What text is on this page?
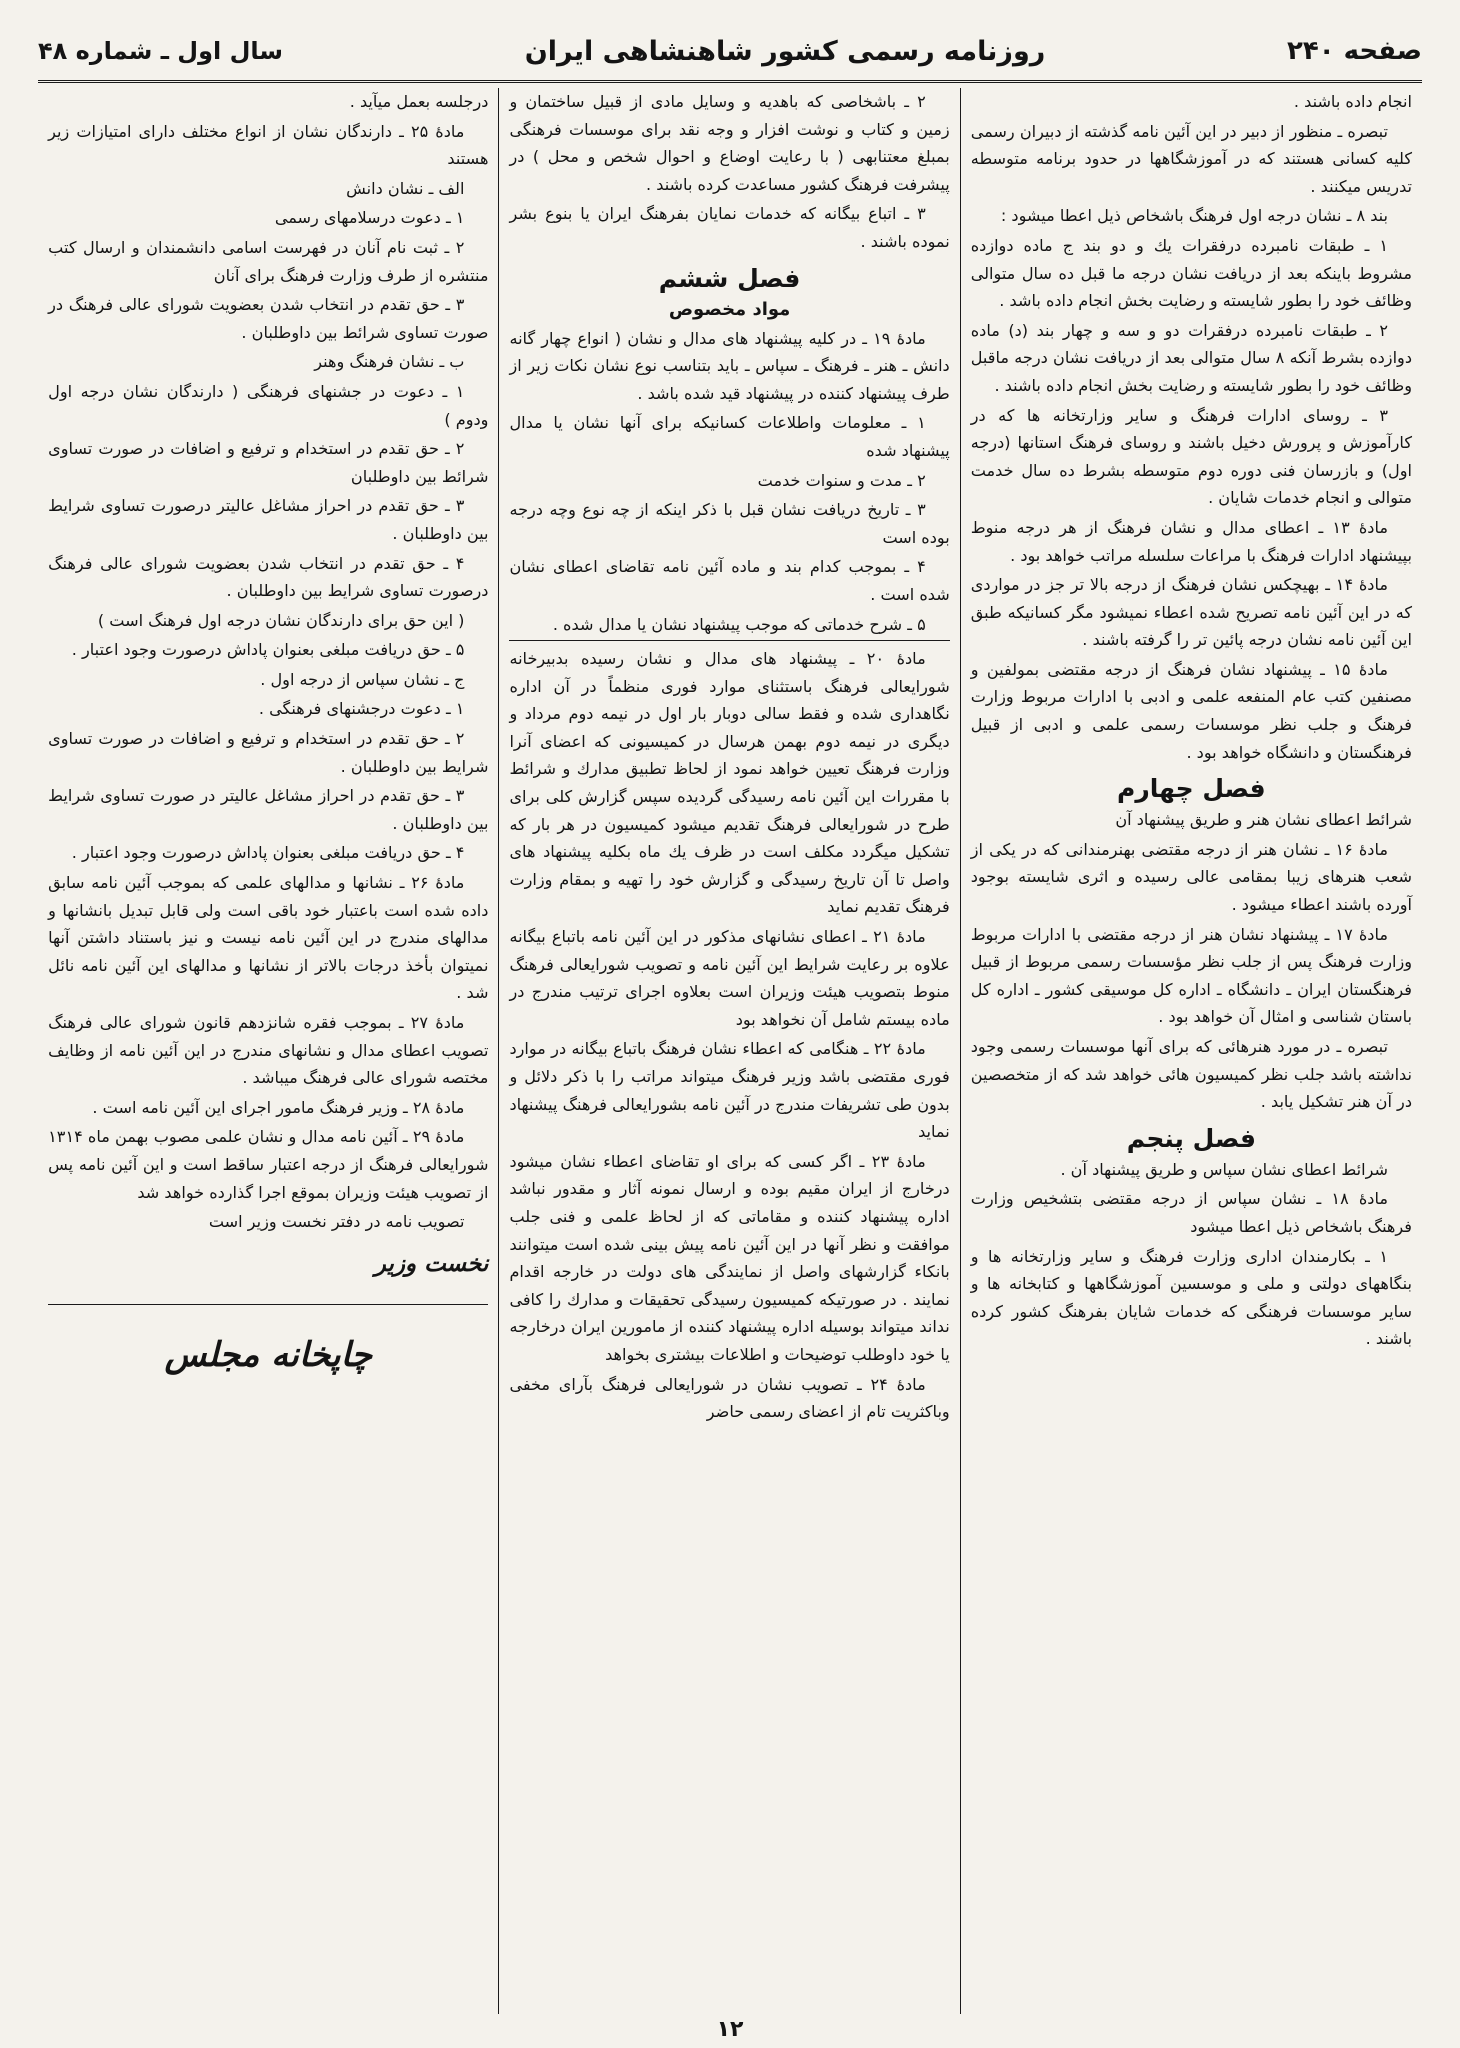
صفحه ۲۴۰
روزنامه رسمی کشور شاهنشاهی ایران
سال اول ـ شماره ۴۸

انجام داده باشند .

تبصره ـ منظور از دبیر در این آئین نامه گذشته از دبیران رسمی کلیه کسانی هستند که در آموزشگاهها در حدود برنامه متوسطه تدریس میکنند .

بند ۸ ـ نشان درجه اول فرهنگ باشخاص ذیل اعطا میشود :

۱ ـ طبقات نامبرده درفقرات یك و دو بند ج ماده دوازده مشروط باینکه بعد از دریافت نشان درجه ما قبل ده سال متوالی وظائف خود را بطور شایسته و رضایت بخش انجام داده باشد .

۲ ـ طبقات نامبرده درفقرات دو و سه و چهار بند (د) ماده دوازده بشرط آنکه ۸ سال متوالی بعد از دریافت نشان درجه ماقبل وظائف خود را بطور شایسته و رضایت بخش انجام داده باشند .

۳ ـ روسای ادارات فرهنگ و سایر وزارتخانه ها که در کارآموزش و پرورش دخیل باشند و روسای فرهنگ استانها (درجه اول) و بازرسان فنی دوره دوم متوسطه بشرط ده سال خدمت متوالی و انجام خدمات شایان .

مادهٔ ۱۳ ـ اعطای مدال و نشان فرهنگ از هر درجه منوط بپیشنهاد ادارات فرهنگ با مراعات سلسله مراتب خواهد بود .

مادهٔ ۱۴ ـ بهیچکس نشان فرهنگ از درجه بالا تر جز در مواردی که در این آئین نامه تصریح شده اعطاء نمیشود مگر کسانیکه طبق این آئین نامه نشان درجه پائین تر را گرفته باشند .

مادهٔ ۱۵ ـ پیشنهاد نشان فرهنگ از درجه مقتضی بمولفین و مصنفین کتب عام المنفعه علمی و ادبی با ادارات مربوط وزارت فرهنگ و جلب نظر موسسات رسمی علمی و ادبی از قبیل فرهنگستان و دانشگاه خواهد بود .

فصل چهارم

شرائط اعطای نشان هنر و طریق پیشنهاد آن

مادهٔ ۱۶ ـ نشان هنر از درجه مقتضی بهنرمندانی که در یکی از شعب هنرهای زیبا بمقامی عالی رسیده و اثری شایسته بوجود آورده باشند اعطاء میشود .

مادهٔ ۱۷ ـ پیشنهاد نشان هنر از درجه مقتضی با ادارات مربوط وزارت فرهنگ پس از جلب نظر مؤسسات رسمی مربوط از قبیل فرهنگستان ایران ـ دانشگاه ـ اداره کل موسیقی کشور ـ اداره کل باستان شناسی و امثال آن خواهد بود .

تبصره ـ در مورد هنرهائی که برای آنها موسسات رسمی وجود نداشته باشد جلب نظر کمیسیون هائی خواهد شد که از متخصصین در آن هنر تشکیل یابد .

فصل پنجم

شرائط اعطای نشان سپاس و طریق پیشنهاد آن .

مادهٔ ۱۸ ـ نشان سپاس از درجه مقتضی بتشخیص وزارت فرهنگ باشخاص ذیل اعطا میشود

۱ ـ بکارمندان اداری وزارت فرهنگ و سایر وزارتخانه ها و بنگاههای دولتی و ملی و موسسین آموزشگاهها و کتابخانه ها و سایر موسسات فرهنگی که خدمات شایان بفرهنگ کشور کرده باشند .

۲ ـ باشخاصی که باهدیه و وسایل مادی از قبیل ساختمان و زمین و کتاب و نوشت افزار و وجه نقد برای موسسات فرهنگی بمبلغ معتنابهی ( با رعایت اوضاع و احوال شخص و محل ) در پیشرفت فرهنگ کشور مساعدت کرده باشند .

۳ ـ اتباع بیگانه که خدمات نمایان بفرهنگ ایران یا بنوع بشر نموده باشند .

فصل ششم
مواد مخصوص

مادهٔ ۱۹ ـ در کلیه پیشنهاد های مدال و نشان ( انواع چهار گانه دانش ـ هنر ـ فرهنگ ـ سپاس ـ باید بتناسب نوع نشان نکات زیر از طرف پیشنهاد کننده در پیشنهاد قید شده باشد .

۱ ـ معلومات واطلاعات کسانیکه برای آنها نشان یا مدال پیشنهاد شده

۲ ـ مدت و سنوات خدمت

۳ ـ تاریخ دریافت نشان قبل با ذکر اینکه از چه نوع وچه درجه بوده است

۴ ـ بموجب کدام بند و ماده آئین نامه تقاضای اعطای نشان شده است .

۵ ـ شرح خدماتی که موجب پیشنهاد نشان یا مدال شده .

مادهٔ ۲۰ ـ پیشنهاد های مدال و نشان رسیده بدبیرخانه شورایعالی فرهنگ باستثنای موارد فوری منظماً در آن اداره نگاهداری شده و فقط سالی دوبار بار اول در نیمه دوم مرداد و دیگری در نیمه دوم بهمن هرسال در کمیسیونی که اعضای آنرا وزارت فرهنگ تعیین خواهد نمود از لحاظ تطبیق مدارك و شرائط با مقررات این آئین نامه رسیدگی گردیده سپس گزارش کلی برای طرح در شورایعالی فرهنگ تقدیم میشود کمیسیون در هر بار که تشکیل میگردد مکلف است در ظرف یك ماه بکلیه پیشنهاد های واصل تا آن تاریخ رسیدگی و گزارش خود را تهیه و بمقام وزارت فرهنگ تقدیم نماید

مادهٔ ۲۱ ـ اعطای نشانهای مذکور در این آئین نامه باتباع بیگانه علاوه بر رعایت شرایط این آئین نامه و تصویب شورایعالی فرهنگ منوط بتصویب هیئت وزیران است بعلاوه اجرای ترتیب مندرج در ماده بیستم شامل آن نخواهد بود

مادهٔ ۲۲ ـ هنگامی که اعطاء نشان فرهنگ باتباع بیگانه در موارد فوری مقتضی باشد وزیر فرهنگ میتواند مراتب را با ذکر دلائل و بدون طی تشریفات مندرج در آئین نامه بشورایعالی فرهنگ پیشنهاد نماید

مادهٔ ۲۳ ـ اگر کسی که برای او تقاضای اعطاء نشان میشود درخارج از ایران مقیم بوده و ارسال نمونه آثار و مقدور نباشد اداره پیشنهاد کننده و مقاماتی که از لحاظ علمی و فنی جلب موافقت و نظر آنها در این آئین نامه پیش بینی شده است میتوانند بانکاء گزارشهای واصل از نمایندگی های دولت در خارجه اقدام نمایند . در صورتیکه کمیسیون رسیدگی تحقیقات و مدارك را کافی نداند میتواند بوسیله اداره پیشنهاد کننده از مامورین ایران درخارجه یا خود داوطلب توضیحات و اطلاعات بیشتری بخواهد

مادهٔ ۲۴ ـ تصویب نشان در شورایعالی فرهنگ بآرای مخفی وباکثریت تام از اعضای رسمی حاضر

درجلسه بعمل میآید .

مادهٔ ۲۵ ـ دارندگان نشان از انواع مختلف دارای امتیازات زیر هستند

الف ـ نشان دانش

۱ ـ دعوت درسلامهای رسمی

۲ ـ ثبت نام آنان در فهرست اسامی دانشمندان و ارسال کتب منتشره از طرف وزارت فرهنگ برای آنان

۳ ـ حق تقدم در انتخاب شدن بعضویت شورای عالی فرهنگ در صورت تساوی شرائط بین داوطلبان .

ب ـ نشان فرهنگ وهنر

۱ ـ دعوت در جشنهای فرهنگی ( دارندگان نشان درجه اول ودوم )

۲ ـ حق تقدم در استخدام و ترفیع و اضافات در صورت تساوی شرائط بین داوطلبان

۳ ـ حق تقدم در احراز مشاغل عالیتر درصورت تساوی شرایط بین داوطلبان .

۴ ـ حق تقدم در انتخاب شدن بعضویت شورای عالی فرهنگ درصورت تساوی شرایط بین داوطلبان .

( این حق برای دارندگان نشان درجه اول فرهنگ است )

۵ ـ حق دریافت مبلغی بعنوان پاداش درصورت وجود اعتبار .

ج ـ نشان سپاس از درجه اول .

۱ ـ دعوت درجشنهای فرهنگی .

۲ ـ حق تقدم در استخدام و ترفیع و اضافات در صورت تساوی شرایط بین داوطلبان .

۳ ـ حق تقدم در احراز مشاغل عالیتر در صورت تساوی شرایط بین داوطلبان .

۴ ـ حق دریافت مبلغی بعنوان پاداش درصورت وجود اعتبار .

مادهٔ ۲۶ ـ نشانها و مدالهای علمی که بموجب آئین نامه سابق داده شده است باعتبار خود باقی است ولی قابل تبدیل بانشانها و مدالهای مندرج در این آئین نامه نیست و نیز باستناد داشتن آنها نمیتوان بأخذ درجات بالاتر از نشانها و مدالهای این آئین نامه نائل شد .

مادهٔ ۲۷ ـ بموجب فقره شانزدهم قانون شورای عالی فرهنگ تصویب اعطای مدال و نشانهای مندرج در این آئین نامه از وظایف مختصه شورای عالی فرهنگ میباشد .

مادهٔ ۲۸ ـ وزیر فرهنگ مامور اجرای این آئین نامه است .

مادهٔ ۲۹ ـ آئین نامه مدال و نشان علمی مصوب بهمن ماه ۱۳۱۴ شورایعالی فرهنگ از درجه اعتبار ساقط است و این آئین نامه پس از تصویب هیئت وزیران بموقع اجرا گذارده خواهد شد

تصویب نامه در دفتر نخست وزیر است

نخست وزیر
چاپخانه مجلس
۱۲
